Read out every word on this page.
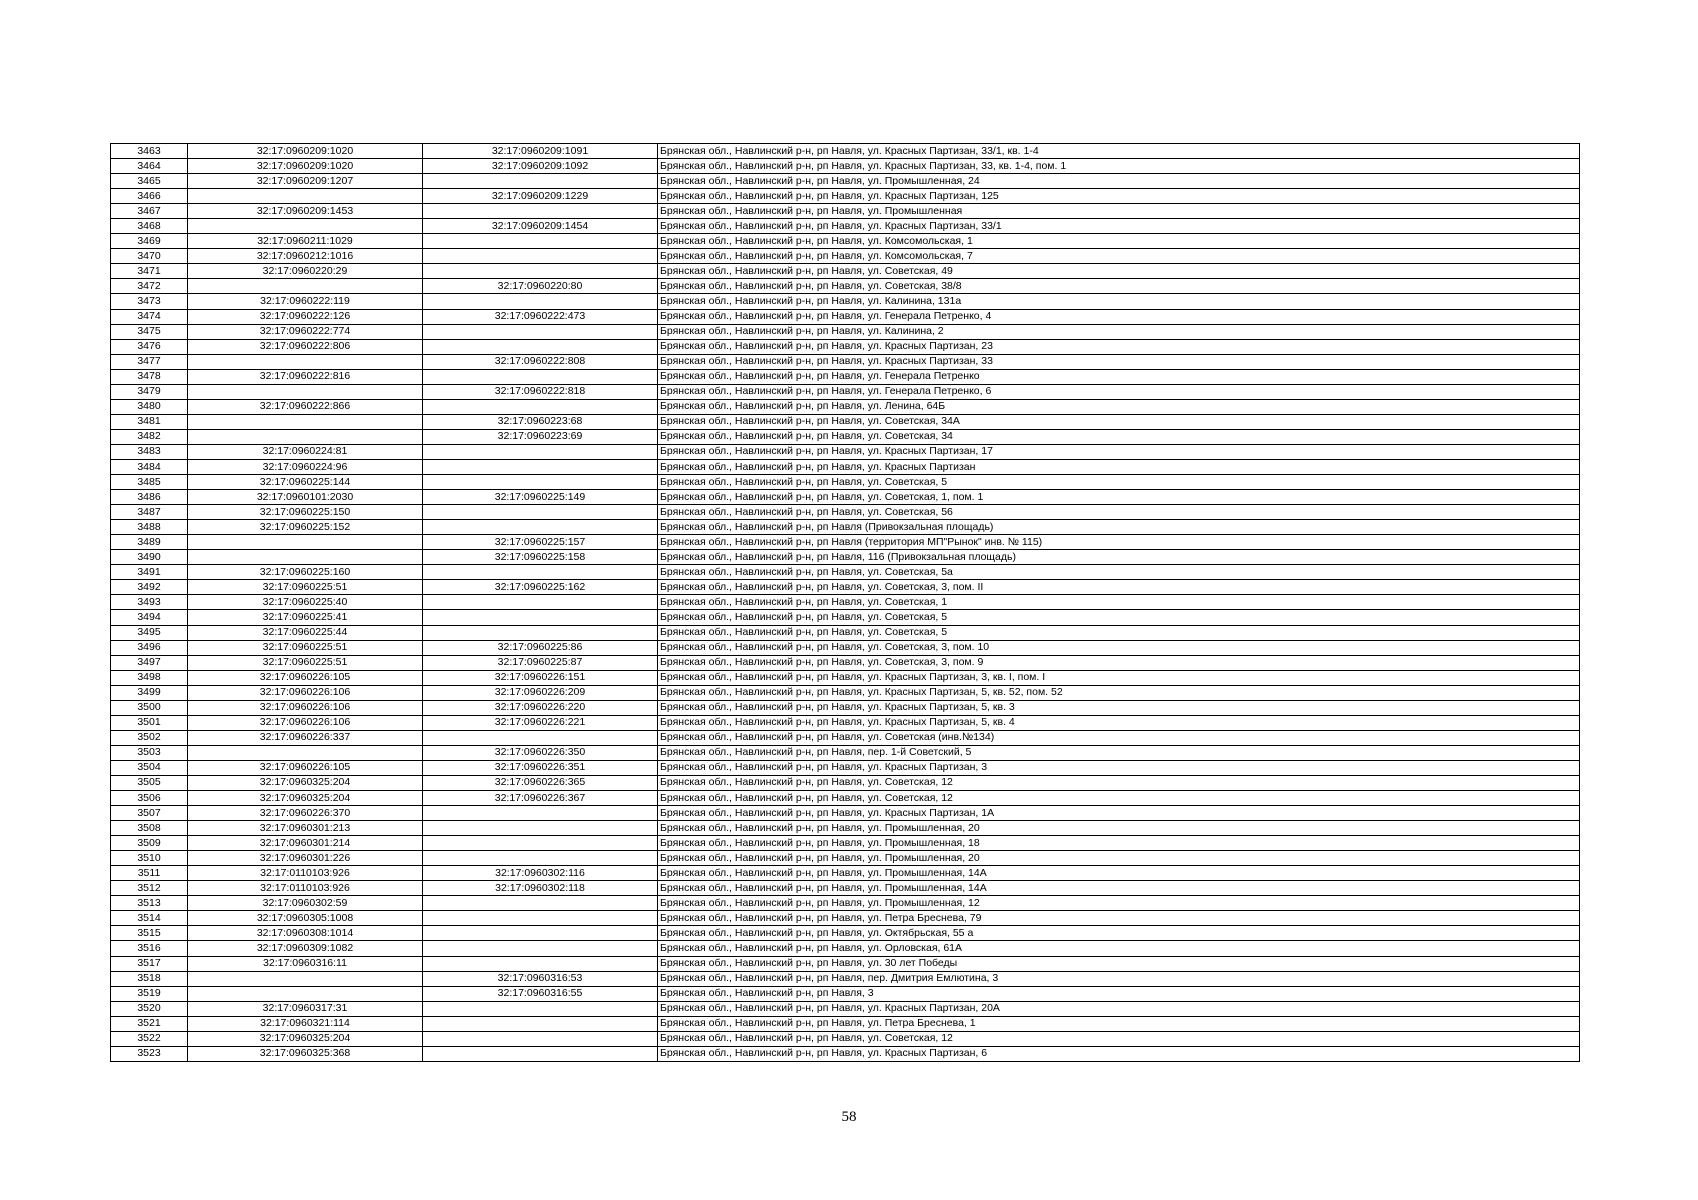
3463	32:17:0960209:1020	32:17:0960209:1091	Брянская обл., Навлинский р-н, рп Навля, ул. Красных Партизан, 33/1, кв. 1-4
3464	32:17:0960209:1020	32:17:0960209:1092	Брянская обл., Навлинский р-н, рп Навля, ул. Красных Партизан, 33, кв. 1-4, пом. 1
3465	32:17:0960209:1207		Брянская обл., Навлинский р-н, рп Навля, ул. Промышленная, 24
3466		32:17:0960209:1229	Брянская обл., Навлинский р-н, рп Навля, ул. Красных Партизан, 125
3467	32:17:0960209:1453		Брянская обл., Навлинский р-н, рп Навля, ул. Промышленная
3468		32:17:0960209:1454	Брянская обл., Навлинский р-н, рп Навля, ул. Красных Партизан, 33/1
3469	32:17:0960211:1029		Брянская обл., Навлинский р-н, рп Навля, ул. Комсомольская, 1
3470	32:17:0960212:1016		Брянская обл., Навлинский р-н, рп Навля, ул. Комсомольская, 7
3471	32:17:0960220:29		Брянская обл., Навлинский р-н, рп Навля, ул. Советская, 49
3472		32:17:0960220:80	Брянская обл., Навлинский р-н, рп Навля, ул. Советская, 38/8
3473	32:17:0960222:119		Брянская обл., Навлинский р-н, рп Навля, ул. Калинина, 131а
3474	32:17:0960222:126	32:17:0960222:473	Брянская обл., Навлинский р-н, рп Навля, ул. Генерала Петренко, 4
3475	32:17:0960222:774		Брянская обл., Навлинский р-н, рп Навля, ул. Калинина, 2
3476	32:17:0960222:806		Брянская обл., Навлинский р-н, рп Навля, ул. Красных Партизан, 23
3477		32:17:0960222:808	Брянская обл., Навлинский р-н, рп Навля, ул. Красных Партизан, 33
3478	32:17:0960222:816		Брянская обл., Навлинский р-н, рп Навля, ул. Генерала Петренко
3479		32:17:0960222:818	Брянская обл., Навлинский р-н, рп Навля, ул. Генерала Петренко, 6
3480	32:17:0960222:866		Брянская обл., Навлинский р-н, рп Навля, ул. Ленина, 64Б
3481		32:17:0960223:68	Брянская обл., Навлинский р-н, рп Навля, ул. Советская, 34А
3482		32:17:0960223:69	Брянская обл., Навлинский р-н, рп Навля, ул. Советская, 34
3483	32:17:0960224:81		Брянская обл., Навлинский р-н, рп Навля, ул. Красных Партизан, 17
3484	32:17:0960224:96		Брянская обл., Навлинский р-н, рп Навля, ул. Красных Партизан
3485	32:17:0960225:144		Брянская обл., Навлинский р-н, рп Навля, ул. Советская, 5
3486	32:17:0960101:2030	32:17:0960225:149	Брянская обл., Навлинский р-н, рп Навля, ул. Советская, 1, пом. 1
3487	32:17:0960225:150		Брянская обл., Навлинский р-н, рп Навля, ул. Советская, 56
3488	32:17:0960225:152		Брянская обл., Навлинский р-н, рп Навля (Привокзальная площадь)
3489		32:17:0960225:157	Брянская обл., Навлинский р-н, рп Навля (территория МП"Рынок" инв. № 115)
3490		32:17:0960225:158	Брянская обл., Навлинский р-н, рп Навля, 116 (Привокзальная площадь)
3491	32:17:0960225:160		Брянская обл., Навлинский р-н, рп Навля, ул. Советская, 5а
3492	32:17:0960225:51	32:17:0960225:162	Брянская обл., Навлинский р-н, рп Навля, ул. Советская, 3, пом. II
3493	32:17:0960225:40		Брянская обл., Навлинский р-н, рп Навля, ул. Советская, 1
3494	32:17:0960225:41		Брянская обл., Навлинский р-н, рп Навля, ул. Советская, 5
3495	32:17:0960225:44		Брянская обл., Навлинский р-н, рп Навля, ул. Советская, 5
3496	32:17:0960225:51	32:17:0960225:86	Брянская обл., Навлинский р-н, рп Навля, ул. Советская, 3, пом. 10
3497	32:17:0960225:51	32:17:0960225:87	Брянская обл., Навлинский р-н, рп Навля, ул. Советская, 3, пом. 9
3498	32:17:0960226:105	32:17:0960226:151	Брянская обл., Навлинский р-н, рп Навля, ул. Красных Партизан, 3, кв. I, пом. I
3499	32:17:0960226:106	32:17:0960226:209	Брянская обл., Навлинский р-н, рп Навля, ул. Красных Партизан, 5, кв. 52, пом. 52
3500	32:17:0960226:106	32:17:0960226:220	Брянская обл., Навлинский р-н, рп Навля, ул. Красных Партизан, 5, кв. 3
3501	32:17:0960226:106	32:17:0960226:221	Брянская обл., Навлинский р-н, рп Навля, ул. Красных Партизан, 5, кв. 4
3502	32:17:0960226:337		Брянская обл., Навлинский р-н, рп Навля, ул. Советская (инв.№134)
3503		32:17:0960226:350	Брянская обл., Навлинский р-н, рп Навля, пер. 1-й Советский, 5
3504	32:17:0960226:105	32:17:0960226:351	Брянская обл., Навлинский р-н, рп Навля, ул. Красных Партизан, 3
3505	32:17:0960325:204	32:17:0960226:365	Брянская обл., Навлинский р-н, рп Навля, ул. Советская, 12
3506	32:17:0960325:204	32:17:0960226:367	Брянская обл., Навлинский р-н, рп Навля, ул. Советская, 12
3507	32:17:0960226:370		Брянская обл., Навлинский р-н, рп Навля, ул. Красных Партизан, 1А
3508	32:17:0960301:213		Брянская обл., Навлинский р-н, рп Навля, ул. Промышленная, 20
3509	32:17:0960301:214		Брянская обл., Навлинский р-н, рп Навля, ул. Промышленная, 18
3510	32:17:0960301:226		Брянская обл., Навлинский р-н, рп Навля, ул. Промышленная, 20
3511	32:17:0110103:926	32:17:0960302:116	Брянская обл., Навлинский р-н, рп Навля, ул. Промышленная, 14А
3512	32:17:0110103:926	32:17:0960302:118	Брянская обл., Навлинский р-н, рп Навля, ул. Промышленная, 14А
3513	32:17:0960302:59		Брянская обл., Навлинский р-н, рп Навля, ул. Промышленная, 12
3514	32:17:0960305:1008		Брянская обл., Навлинский р-н, рп Навля, ул. Петра Бреснева, 79
3515	32:17:0960308:1014		Брянская обл., Навлинский р-н, рп Навля, ул. Октябрьская, 55 а
3516	32:17:0960309:1082		Брянская обл., Навлинский р-н, рп Навля, ул. Орловская, 61А
3517	32:17:0960316:11		Брянская обл., Навлинский р-н, рп Навля, ул. 30 лет Победы
3518		32:17:0960316:53	Брянская обл., Навлинский р-н, рп Навля, пер. Дмитрия Емлютина, 3
3519		32:17:0960316:55	Брянская обл., Навлинский р-н, рп Навля, 3
3520	32:17:0960317:31		Брянская обл., Навлинский р-н, рп Навля, ул. Красных Партизан, 20А
3521	32:17:0960321:114		Брянская обл., Навлинский р-н, рп Навля, ул. Петра Бреснева, 1
3522	32:17:0960325:204		Брянская обл., Навлинский р-н, рп Навля, ул. Советская, 12
3523	32:17:0960325:368		Брянская обл., Навлинский р-н, рп Навля, ул. Красных Партизан, 6
58
